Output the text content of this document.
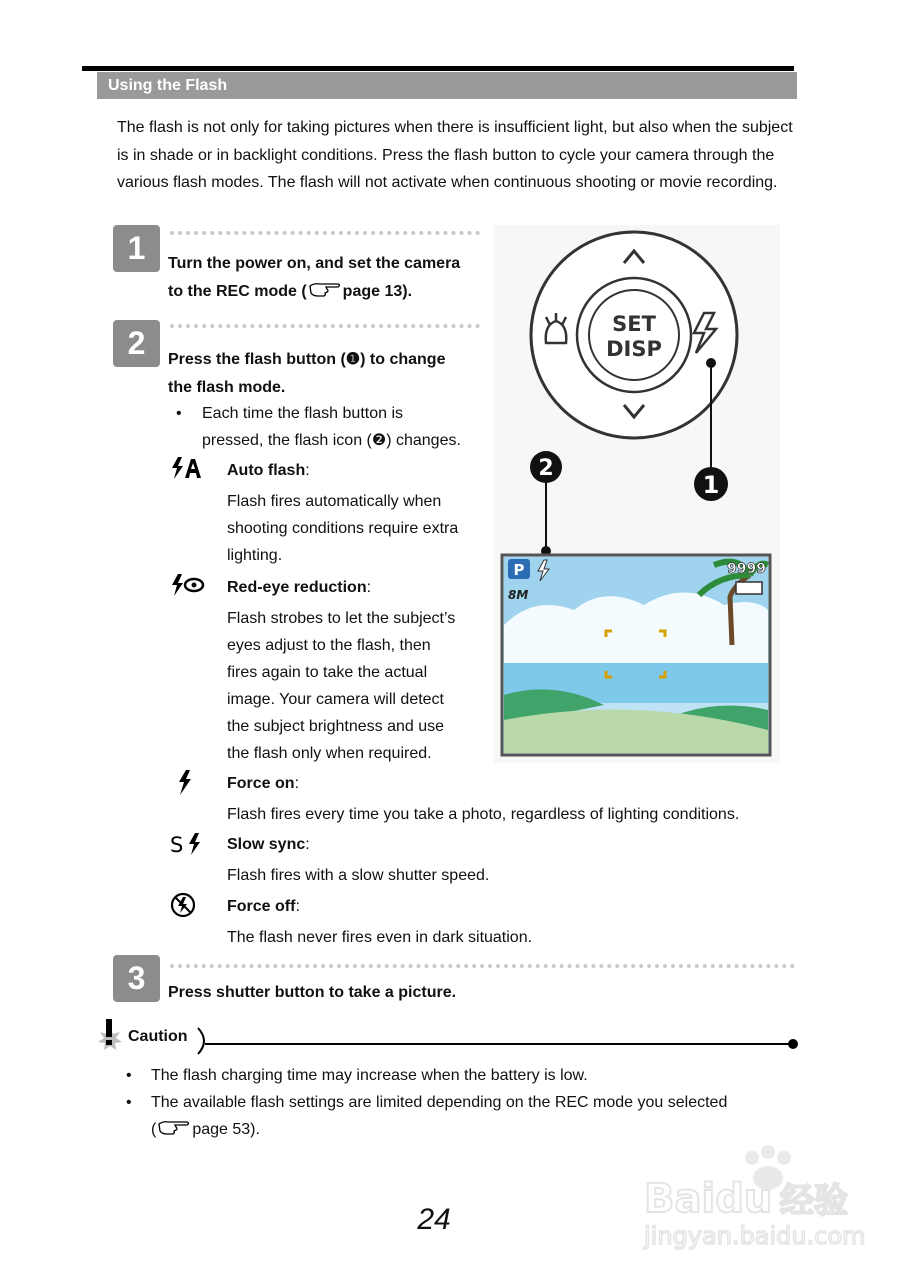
Using the Flash

The flash is not only for taking pictures when there is insufficient light, but also when the subject is in shade or in backlight conditions. Press the flash button to cycle your camera through the various flash modes. The flash will not activate when continuous shooting or movie recording.

1	Turn the power on, and set the camera
to the REC mode ( page 13).
2	Press the flash button (❶) to change
the flash mode.
• Each time the flash button is
pressed, the flash icon (❷) changes.
S
Auto flash:
Flash fires automatically when
shooting conditions require extra
lighting.
Red-eye reduction:
Flash strobes to let the subject’s
eyes adjust to the flash, then
fires again to take the actual
image. Your camera will detect
the subject brightness and use
the flash only when required.
Force on:
Flash fires every time you take a photo, regardless of lighting conditions.
Slow sync:
Flash fires with a slow shutter speed.
Force off:
The flash never fires even in dark situation.
3	Press shutter button to take a picture.
SET
DISP
1
2
P	9999
8M
Caution
• The flash charging time may increase when the battery is low.
• The available flash settings are limited depending on the REC mode you selected
( page 53).
24	Baidu 经验
jingyan.baidu.com
